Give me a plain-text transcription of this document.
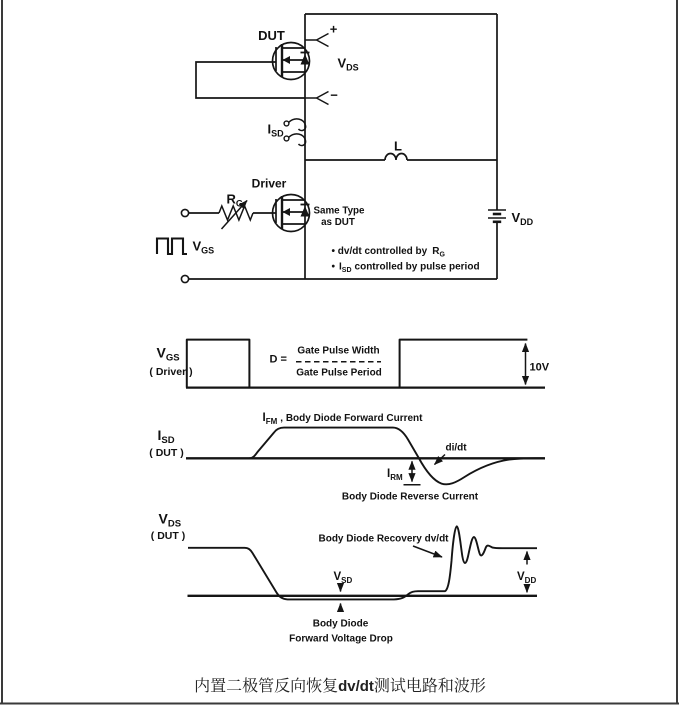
DUT	+
−
VDS
ISD
L
VDD
Driver
RG
VGS
Same Type
as DUT
• dv/dt controlled by RG
• ISD controlled by pulse period
VGS
( Driver )
D =
Gate Pulse Width
Gate Pulse Period	10V
ISD
( DUT )
IFM , Body Diode Forward Current
di/dt
IRM
Body Diode Reverse Current
VDS
( DUT )	Body Diode Recovery dv/dt
VSD	VDD
Body Diode
Forward Voltage Drop
内置二极管反向恢复dv/dt测试电路和波形
